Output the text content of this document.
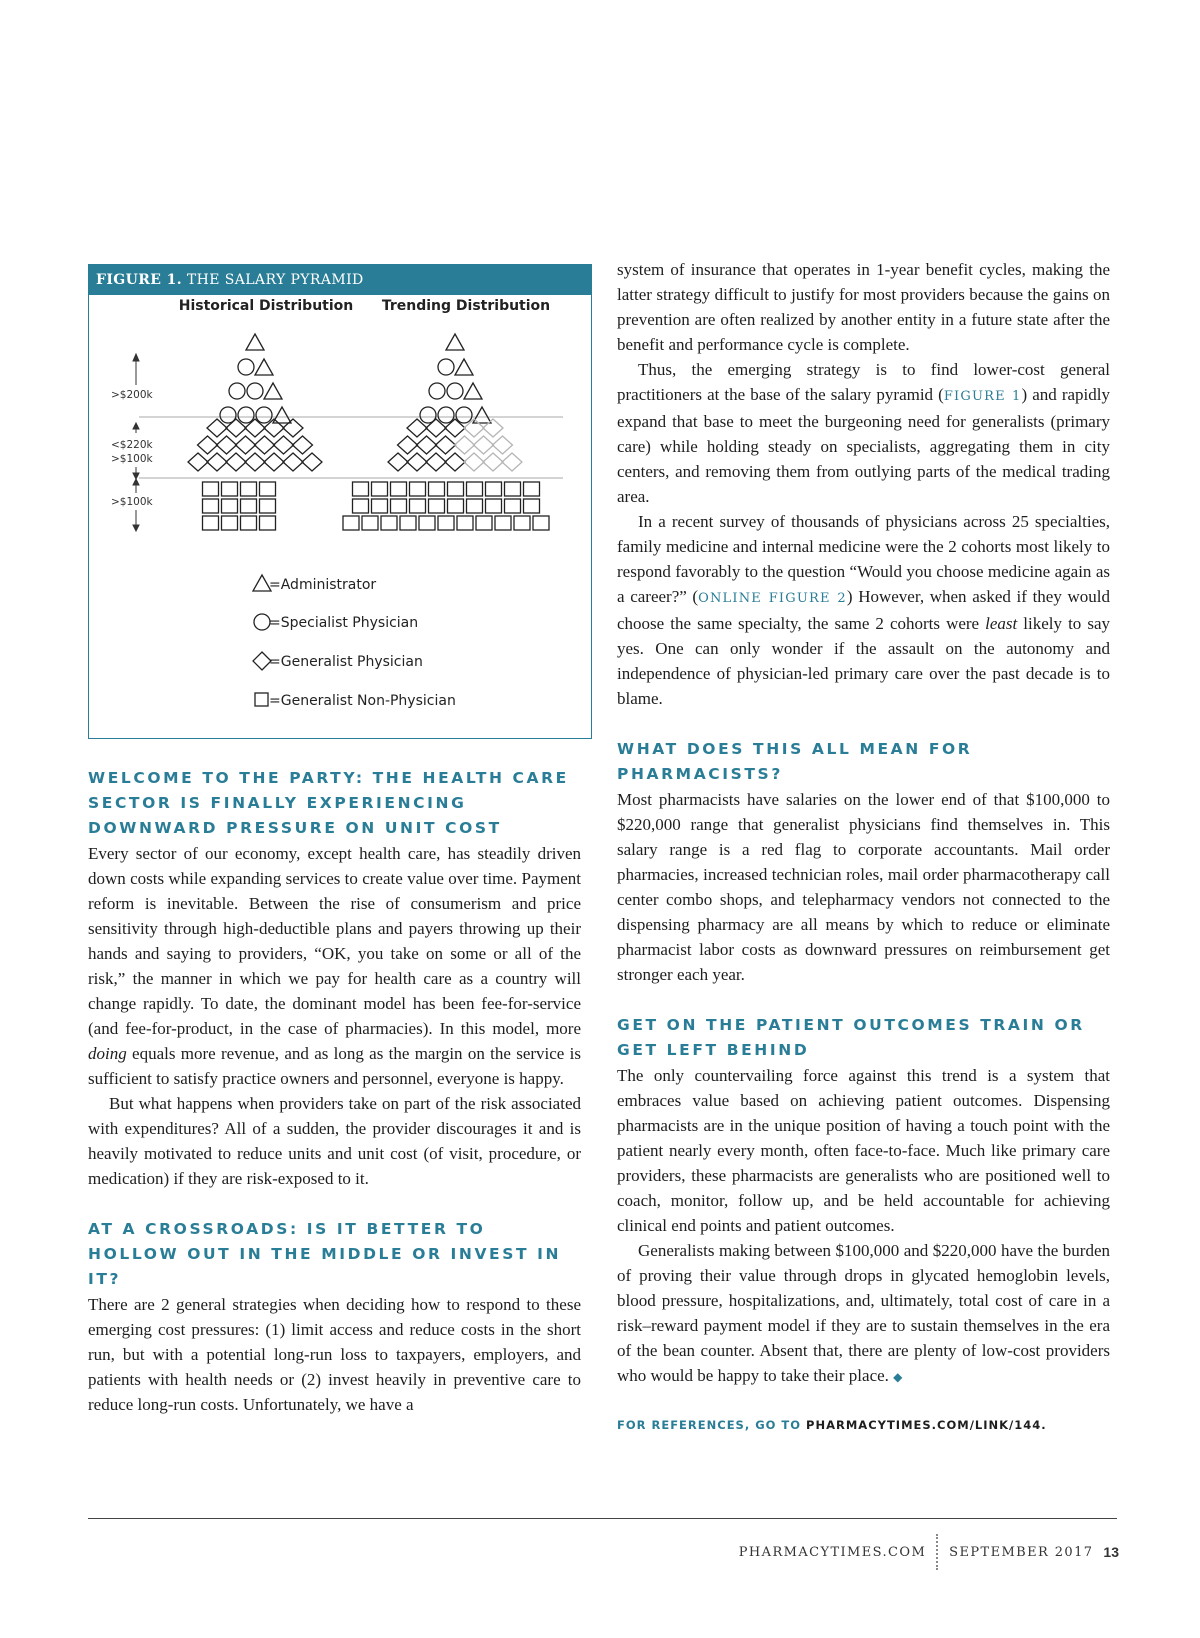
FIGURE 1. THE SALARY PYRAMID
Historical Distribution Trending Distribution
>$200k
<$220k
>$100k
>$100k
=Administrator
=Specialist Physician
=Generalist Physician
=Generalist Non-Physician
WELCOME TO THE PARTY: THE HEALTH CARE SECTOR IS FINALLY EXPERIENCING DOWNWARD PRESSURE ON UNIT COST

Every sector of our economy, except health care, has steadily driven down costs while expanding services to create value over time. Payment reform is inevitable. Between the rise of consumerism and price sensitivity through high-deductible plans and payers throwing up their hands and saying to providers, “OK, you take on some or all of the risk,” the manner in which we pay for health care as a country will change rapidly. To date, the dominant model has been fee-for-service (and fee-for-product, in the case of pharmacies). In this model, more doing equals more revenue, and as long as the margin on the service is sufficient to satisfy practice owners and personnel, everyone is happy.

But what happens when providers take on part of the risk associated with expenditures? All of a sudden, the provider discourages it and is heavily motivated to reduce units and unit cost (of visit, procedure, or medication) if they are risk-exposed to it.

AT A CROSSROADS: IS IT BETTER TO HOLLOW OUT IN THE MIDDLE OR INVEST IN IT?

There are 2 general strategies when deciding how to respond to these emerging cost pressures: (1) limit access and reduce costs in the short run, but with a potential long-run loss to taxpayers, employers, and patients with health needs or (2) invest heavily in preventive care to reduce long-run costs. Unfortunately, we have a

system of insurance that operates in 1-year benefit cycles, making the latter strategy difficult to justify for most providers because the gains on prevention are often realized by another entity in a future state after the benefit and performance cycle is complete.

Thus, the emerging strategy is to find lower-cost general practitioners at the base of the salary pyramid (FIGURE 1) and rapidly expand that base to meet the burgeoning need for generalists (primary care) while holding steady on specialists, aggregating them in city centers, and removing them from outlying parts of the medical trading area.

In a recent survey of thousands of physicians across 25 specialties, family medicine and internal medicine were the 2 cohorts most likely to respond favorably to the question “Would you choose medicine again as a career?” (ONLINE FIGURE 2) However, when asked if they would choose the same specialty, the same 2 cohorts were least likely to say yes. One can only wonder if the assault on the autonomy and independence of physician-led primary care over the past decade is to blame.

WHAT DOES THIS ALL MEAN FOR PHARMACISTS?

Most pharmacists have salaries on the lower end of that $100,000 to $220,000 range that generalist physicians find themselves in. This salary range is a red flag to corporate accountants. Mail order pharmacies, increased technician roles, mail order pharmacotherapy call center combo shops, and telepharmacy vendors not connected to the dispensing pharmacy are all means by which to reduce or eliminate pharmacist labor costs as downward pressures on reimbursement get stronger each year.

GET ON THE PATIENT OUTCOMES TRAIN OR GET LEFT BEHIND

The only countervailing force against this trend is a system that embraces value based on achieving patient outcomes. Dispensing pharmacists are in the unique position of having a touch point with the patient nearly every month, often face-to-face. Much like primary care providers, these pharmacists are generalists who are positioned well to coach, monitor, follow up, and be held accountable for achieving clinical end points and patient outcomes.

Generalists making between $100,000 and $220,000 have the burden of proving their value through drops in glycated hemoglobin levels, blood pressure, hospitalizations, and, ultimately, total cost of care in a risk–reward payment model if they are to sustain themselves in the era of the bean counter. Absent that, there are plenty of low-cost providers who would be happy to take their place. ◆

FOR REFERENCES, GO TO PHARMACYTIMES.COM/LINK/144.
PHARMACYTIMES.COM SEPTEMBER 2017 13
